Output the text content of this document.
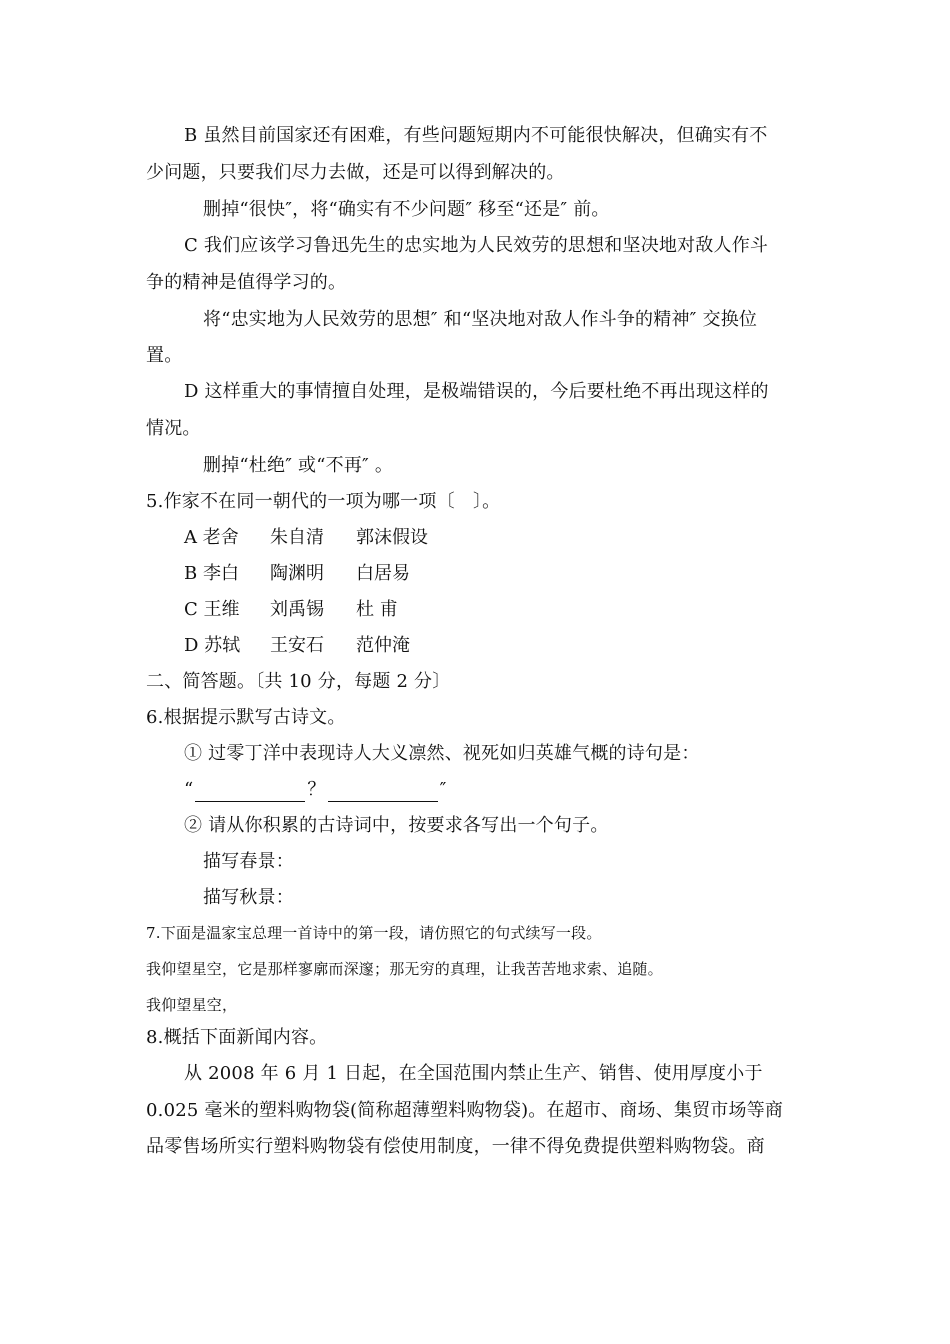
B 虽然目前国家还有困难，有些问题短期内不可能很快解决，但确实有不
少问题，只要我们尽力去做，还是可以得到解决的。
删掉“很快″，将“确实有不少问题″ 移至“还是″ 前。
C 我们应该学习鲁迅先生的忠实地为人民效劳的思想和坚决地对敌人作斗
争的精神是值得学习的。
将“忠实地为人民效劳的思想″ 和“坚决地对敌人作斗争的精神″ 交换位
置。
D 这样重大的事情擅自处理，是极端错误的，今后要杜绝不再出现这样的
情况。
删掉“杜绝″ 或“不再″ 。
5.作家不在同一朝代的一项为哪一项〔　〕。
A 老舍 朱自清 郭沫假设
B 李白 陶渊明 白居易
C 王维 刘禹锡 杜 甫
D 苏轼 王安石 范仲淹
二、简答题。〔共 10 分，每题 2 分〕
6.根据提示默写古诗文。
① 过零丁洋中表现诗人大义凛然、视死如归英雄气概的诗句是：
“	？	″
② 请从你积累的古诗词中，按要求各写出一个句子。
描写春景：
描写秋景：
7.下面是温家宝总理一首诗中的第一段，请仿照它的句式续写一段。
我仰望星空，它是那样寥廓而深邃；那无穷的真理，让我苦苦地求索、追随。
我仰望星空，
8.概括下面新闻内容。
从 2008 年 6 月 1 日起，在全国范围内禁止生产、销售、使用厚度小于
0.025 毫米的塑料购物袋(简称超薄塑料购物袋)。在超市、商场、集贸市场等商
品零售场所实行塑料购物袋有偿使用制度，一律不得免费提供塑料购物袋。商
